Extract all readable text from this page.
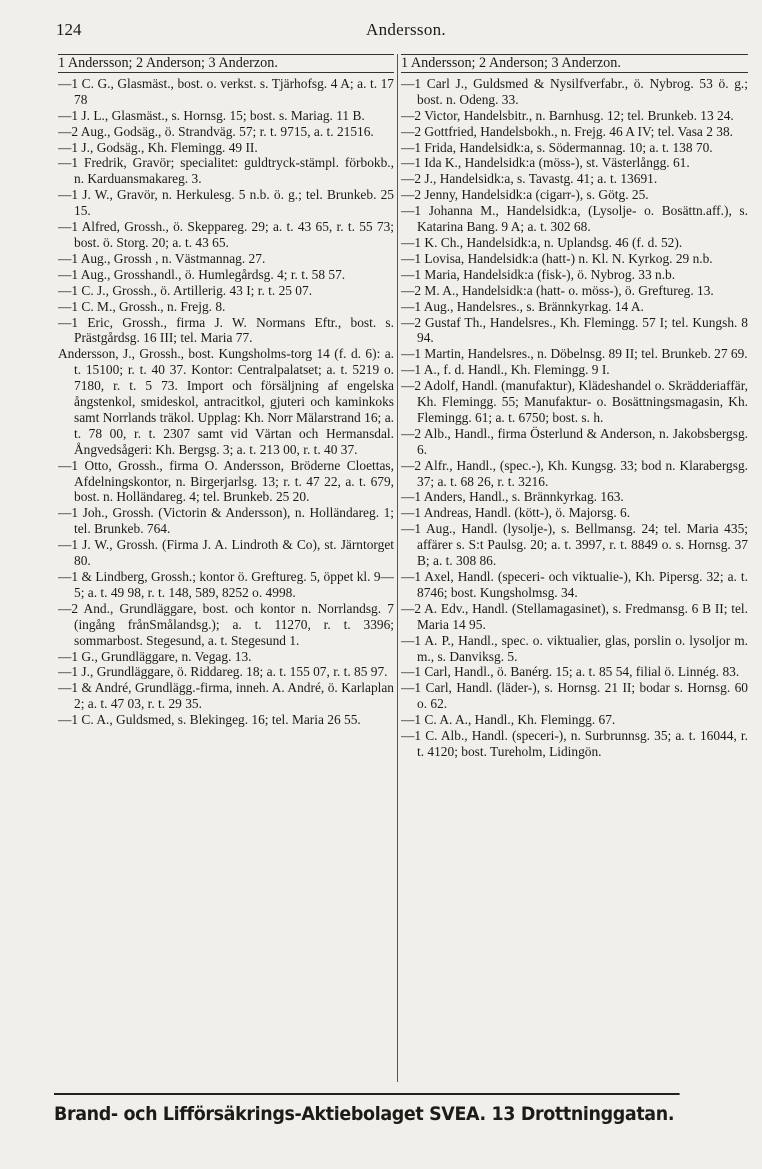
124	Andersson.
1 Andersson; 2 Anderson; 3 Anderzon.

—1 C. G., Glasmäst., bost. o. verkst. s. Tjärhofsg. 4 A; a. t. 17 78

—1 J. L., Glasmäst., s. Hornsg. 15; bost. s. Mariag. 11 B.

—2 Aug., Godsäg., ö. Strandväg. 57; r. t. 9715, a. t. 21516.

—1 J., Godsäg., Kh. Flemingg. 49 II.

—1 Fredrik, Gravör; specialitet: guldtryck-stämpl. förbokb., n. Karduansmakareg. 3.

—1 J. W., Gravör, n. Herkulesg. 5 n.b. ö. g.; tel. Brunkeb. 25 15.

—1 Alfred, Grossh., ö. Skeppareg. 29; a. t. 43 65, r. t. 55 73; bost. ö. Storg. 20; a. t. 43 65.

—1 Aug., Grossh , n. Västmannag. 27.

—1 Aug., Grosshandl., ö. Humlegårdsg. 4; r. t. 58 57.

—1 C. J., Grossh., ö. Artillerig. 43 I; r. t. 25 07.

—1 C. M., Grossh., n. Frejg. 8.

—1 Eric, Grossh., firma J. W. Normans Eftr., bost. s. Prästgårdsg. 16 III; tel. Maria 77.

Andersson, J., Grossh., bost. Kungsholms-torg 14 (f. d. 6): a. t. 15100; r. t. 40 37. Kontor: Centralpalatset; a. t. 5219 o. 7180, r. t. 5 73. Import och försäljning af engelska ångstenkol, smideskol, antracitkol, gjuteri och kaminkoks samt Norrlands träkol. Upplag: Kh. Norr Mälarstrand 16; a. t. 78 00, r. t. 2307 samt vid Värtan och Hermansdal. Ångvedsågeri: Kh. Bergsg. 3; a. t. 213 00, r. t. 40 37.

—1 Otto, Grossh., firma O. Andersson, Bröderne Cloettas, Afdelningskontor, n. Birgerjarlsg. 13; r. t. 47 22, a. t. 679, bost. n. Holländareg. 4; tel. Brunkeb. 25 20.

—1 Joh., Grossh. (Victorin & Andersson), n. Holländareg. 1; tel. Brunkeb. 764.

—1 J. W., Grossh. (Firma J. A. Lindroth & Co), st. Järntorget 80.

—1 & Lindberg, Grossh.; kontor ö. Greftureg. 5, öppet kl. 9—5; a. t. 49 98, r. t. 148, 589, 8252 o. 4998.

—2 And., Grundläggare, bost. och kontor n. Norrlandsg. 7 (ingång frånSmålandsg.); a. t. 11270, r. t. 3396; sommarbost. Stegesund, a. t. Stegesund 1.

—1 G., Grundläggare, n. Vegag. 13.

—1 J., Grundläggare, ö. Riddareg. 18; a. t. 155 07, r. t. 85 97.

—1 & André, Grundlägg.-firma, inneh. A. André, ö. Karlaplan 2; a. t. 47 03, r. t. 29 35.

—1 C. A., Guldsmed, s. Blekingeg. 16; tel. Maria 26 55.

1 Andersson; 2 Anderson; 3 Anderzon.

—1 Carl J., Guldsmed & Nysilfverfabr., ö. Nybrog. 53 ö. g.; bost. n. Odeng. 33.

—2 Victor, Handelsbitr., n. Barnhusg. 12; tel. Brunkeb. 13 24.

—2 Gottfried, Handelsbokh., n. Frejg. 46 A IV; tel. Vasa 2 38.

—1 Frida, Handelsidk:a, s. Södermannag. 10; a. t. 138 70.

—1 Ida K., Handelsidk:a (möss-), st. Västerlångg. 61.

—2 J., Handelsidk:a, s. Tavastg. 41; a. t. 13691.

—2 Jenny, Handelsidk:a (cigarr-), s. Götg. 25.

—1 Johanna M., Handelsidk:a, (Lysolje- o. Bosättn.aff.), s. Katarina Bang. 9 A; a. t. 302 68.

—1 K. Ch., Handelsidk:a, n. Uplandsg. 46 (f. d. 52).

—1 Lovisa, Handelsidk:a (hatt-) n. Kl. N. Kyrkog. 29 n.b.

—1 Maria, Handelsidk:a (fisk-), ö. Nybrog. 33 n.b.

—2 M. A., Handelsidk:a (hatt- o. möss-), ö. Greftureg. 13.

—1 Aug., Handelsres., s. Brännkyrkag. 14 A.

—2 Gustaf Th., Handelsres., Kh. Flemingg. 57 I; tel. Kungsh. 8 94.

—1 Martin, Handelsres., n. Döbelnsg. 89 II; tel. Brunkeb. 27 69.

—1 A., f. d. Handl., Kh. Flemingg. 9 I.

—2 Adolf, Handl. (manufaktur), Klädeshandel o. Skrädderiaffär, Kh. Flemingg. 55; Manufaktur- o. Bosättningsmagasin, Kh. Flemingg. 61; a. t. 6750; bost. s. h.

—2 Alb., Handl., firma Österlund & Anderson, n. Jakobsbergsg. 6.

—2 Alfr., Handl., (spec.-), Kh. Kungsg. 33; bod n. Klarabergsg. 37; a. t. 68 26, r. t. 3216.

—1 Anders, Handl., s. Brännkyrkag. 163.

—1 Andreas, Handl. (kött-), ö. Majorsg. 6.

—1 Aug., Handl. (lysolje-), s. Bellmansg. 24; tel. Maria 435; affärer s. S:t Paulsg. 20; a. t. 3997, r. t. 8849 o. s. Hornsg. 37 B; a. t. 308 86.

—1 Axel, Handl. (speceri- och viktualie-), Kh. Pipersg. 32; a. t. 8746; bost. Kungsholmsg. 34.

—2 A. Edv., Handl. (Stellamagasinet), s. Fredmansg. 6 B II; tel. Maria 14 95.

—1 A. P., Handl., spec. o. viktualier, glas, porslin o. lysoljor m. m., s. Danviksg. 5.

—1 Carl, Handl., ö. Banérg. 15; a. t. 85 54, filial ö. Linnég. 83.

—1 Carl, Handl. (läder-), s. Hornsg. 21 II; bodar s. Hornsg. 60 o. 62.

—1 C. A. A., Handl., Kh. Flemingg. 67.

—1 C. Alb., Handl. (speceri-), n. Surbrunnsg. 35; a. t. 16044, r. t. 4120; bost. Tureholm, Lidingön.

Brand- och Lifförsäkrings-Aktiebolaget SVEA. 13 Drottninggatan.
